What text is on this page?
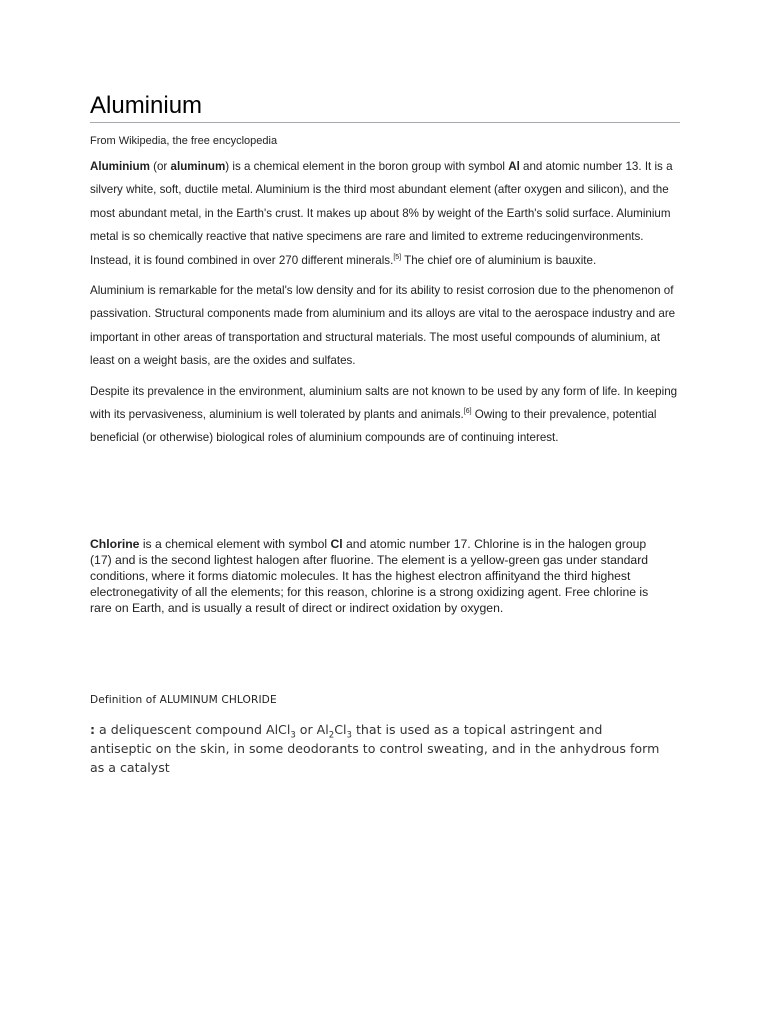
Aluminium
From Wikipedia, the free encyclopedia

Aluminium (or aluminum) is a chemical element in the boron group with symbol Al and atomic number 13. It is a silvery white, soft, ductile metal. Aluminium is the third most abundant element (after oxygen and silicon), and the most abundant metal, in the Earth's crust. It makes up about 8% by weight of the Earth's solid surface. Aluminium metal is so chemically reactive that native specimens are rare and limited to extreme reducingenvironments. Instead, it is found combined in over 270 different minerals.[5] The chief ore of aluminium is bauxite.

Aluminium is remarkable for the metal's low density and for its ability to resist corrosion due to the phenomenon of passivation. Structural components made from aluminium and its alloys are vital to the aerospace industry and are important in other areas of transportation and structural materials. The most useful compounds of aluminium, at least on a weight basis, are the oxides and sulfates.

Despite its prevalence in the environment, aluminium salts are not known to be used by any form of life. In keeping with its pervasiveness, aluminium is well tolerated by plants and animals.[6] Owing to their prevalence, potential beneficial (or otherwise) biological roles of aluminium compounds are of continuing interest.

Chlorine is a chemical element with symbol Cl and atomic number 17. Chlorine is in the halogen group (17) and is the second lightest halogen after fluorine. The element is a yellow-green gas under standard conditions, where it forms diatomic molecules. It has the highest electron affinityand the third highest electronegativity of all the elements; for this reason, chlorine is a strong oxidizing agent. Free chlorine is rare on Earth, and is usually a result of direct or indirect oxidation by oxygen.

Definition of ALUMINUM CHLORIDE
: a deliquescent compound AlCl$_3$ or $Al_2Cl_3$ that is used as a topical astringent and antiseptic on the skin, in some deodorants to control sweating, and in the anhydrous form as a catalyst
